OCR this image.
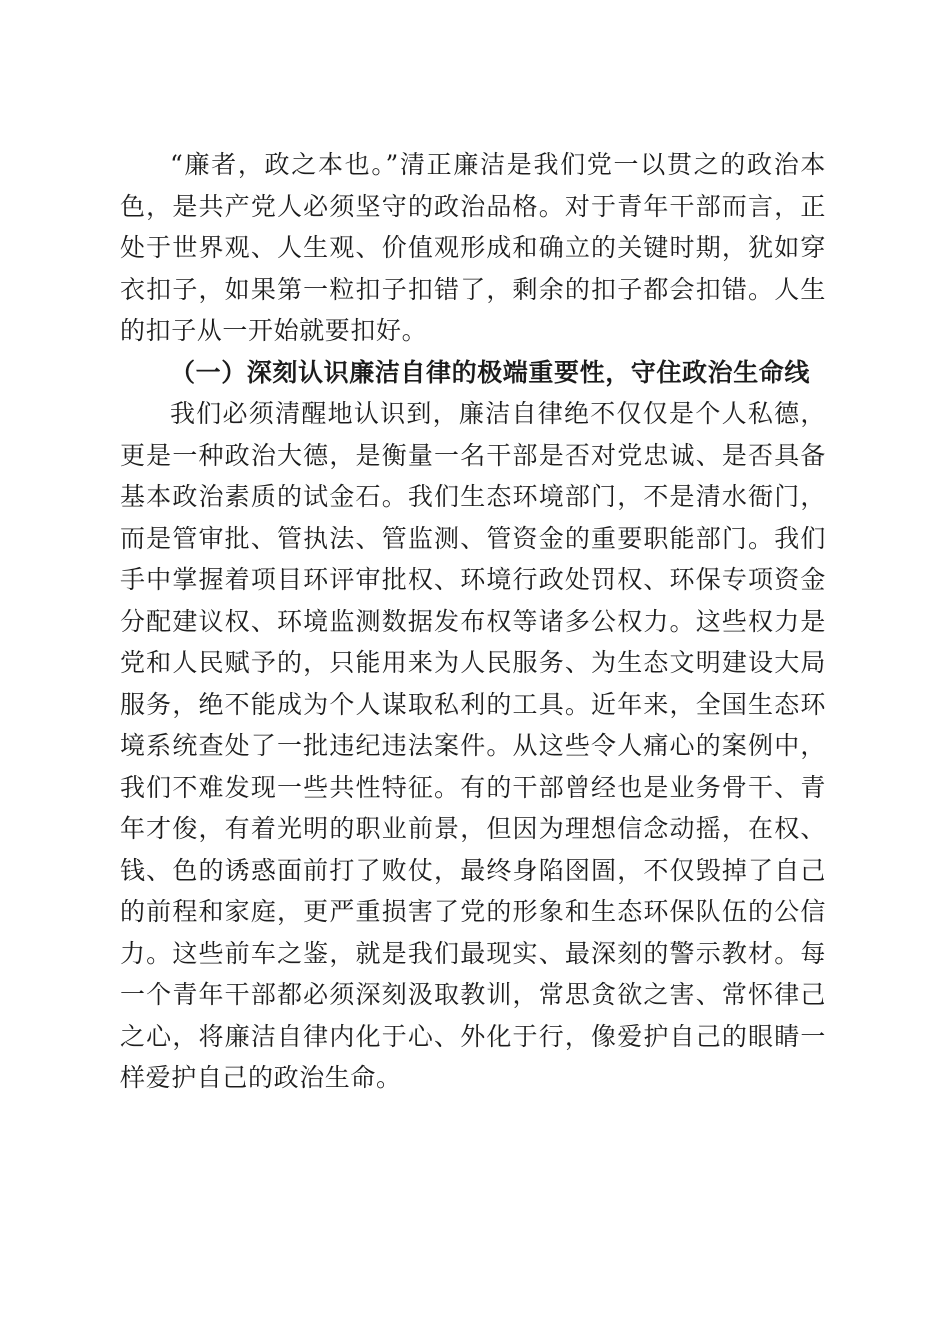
“廉者，政之本也。”清正廉洁是我们党一以贯之的政治本色，是共产党人必须坚守的政治品格。对于青年干部而言，正处于世界观、人生观、价值观形成和确立的关键时期，犹如穿衣扣子，如果第一粒扣子扣错了，剩余的扣子都会扣错。人生的扣子从一开始就要扣好。

（一）深刻认识廉洁自律的极端重要性，守住政治生命线

我们必须清醒地认识到，廉洁自律绝不仅仅是个人私德，更是一种政治大德，是衡量一名干部是否对党忠诚、是否具备基本政治素质的试金石。我们生态环境部门，不是清水衙门，而是管审批、管执法、管监测、管资金的重要职能部门。我们手中掌握着项目环评审批权、环境行政处罚权、环保专项资金分配建议权、环境监测数据发布权等诸多公权力。这些权力是党和人民赋予的，只能用来为人民服务、为生态文明建设大局服务，绝不能成为个人谋取私利的工具。近年来，全国生态环境系统查处了一批违纪违法案件。从这些令人痛心的案例中，我们不难发现一些共性特征。有的干部曾经也是业务骨干、青年才俊，有着光明的职业前景，但因为理想信念动摇，在权、钱、色的诱惑面前打了败仗，最终身陷囹圄，不仅毁掉了自己的前程和家庭，更严重损害了党的形象和生态环保队伍的公信力。这些前车之鉴，就是我们最现实、最深刻的警示教材。每一个青年干部都必须深刻汲取教训，常思贪欲之害、常怀律己之心，将廉洁自律内化于心、外化于行，像爱护自己的眼睛一样爱护自己的政治生命。
